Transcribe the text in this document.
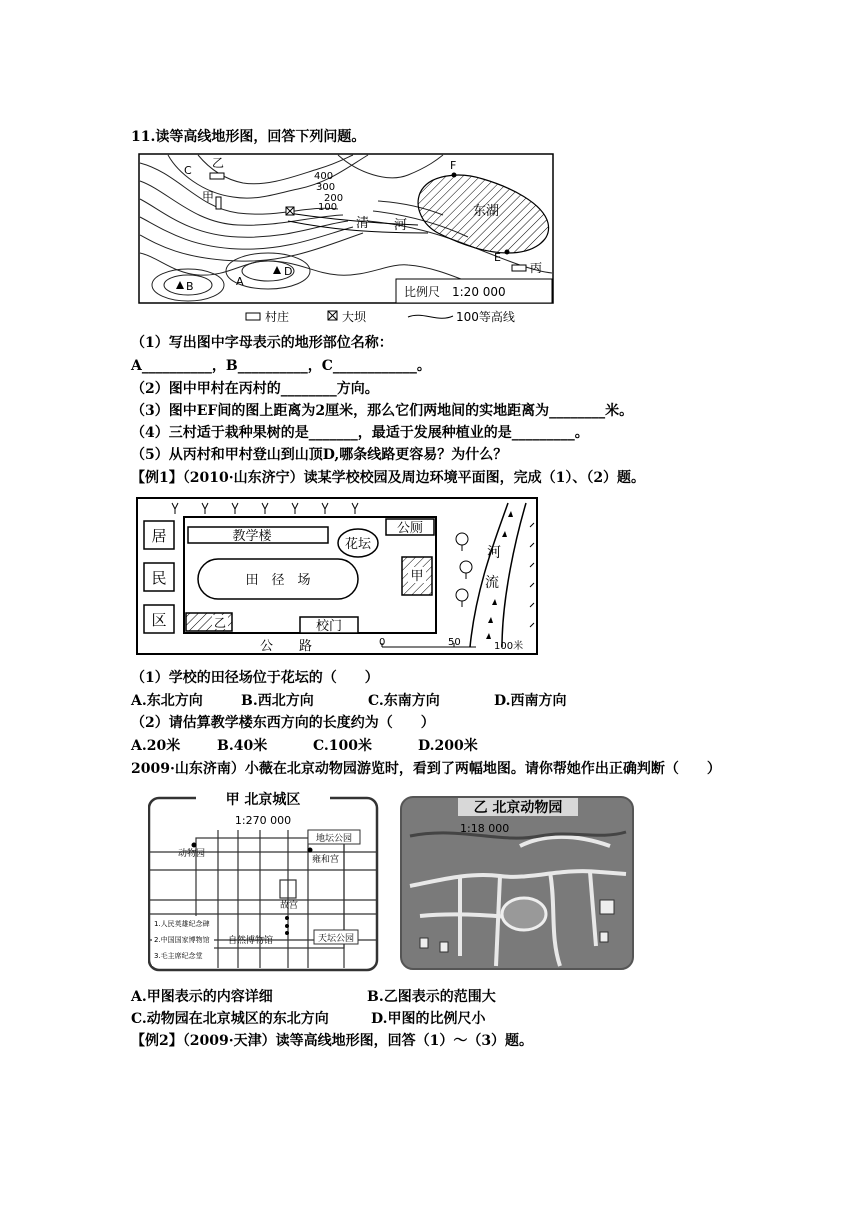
11.读等高线地形图，回答下列问题。
比例尺　1:20 000
C
乙	F
甲
清 河
东湖
E
丙
A
B
D
400
300
200
100
村庄	大坝	100等高线
（1）写出图中字母表示的地形部位名称：
A__________，B__________，C____________。
（2）图中甲村在丙村的________方向。
（3）图中EF间的图上距离为2厘米，那么它们两地间的实地距离为________米。
（4）三村适于栽种果树的是_______，最适于发展种植业的是_________。
（5）从丙村和甲村登山到山顶D,哪条线路更容易？为什么？
【例1】（2010·山东济宁）读某学校校园及周边环境平面图，完成（1）、（2）题。
居
民
区
教学楼
花坛
公厕
田　径　场	甲
乙	校门
公　　路	0	50	100米
河
流
（1）学校的田径场位于花坛的（　　）
A.东北方向	B.西北方向	C.东南方向	D.西南方向
（2）请估算教学楼东西方向的长度约为（　　）
A.20米	B.40米	C.100米	D.200米
2009·山东济南）小薇在北京动物园游览时，看到了两幅地图。请你帮她作出正确判断（　　）
甲 北京城区
1:270 000
地坛公园
动物园
雍和宫
故宫
自然博物馆	天坛公园
1.人民英雄纪念碑
2.中国国家博物馆
3.毛主席纪念堂
乙 北京动物园
1:18 000
A.甲图表示的内容详细	B.乙图表示的范围大
C.动物园在北京城区的东北方向	D.甲图的比例尺小
【例2】（2009·天津）读等高线地形图，回答（1）～（3）题。
